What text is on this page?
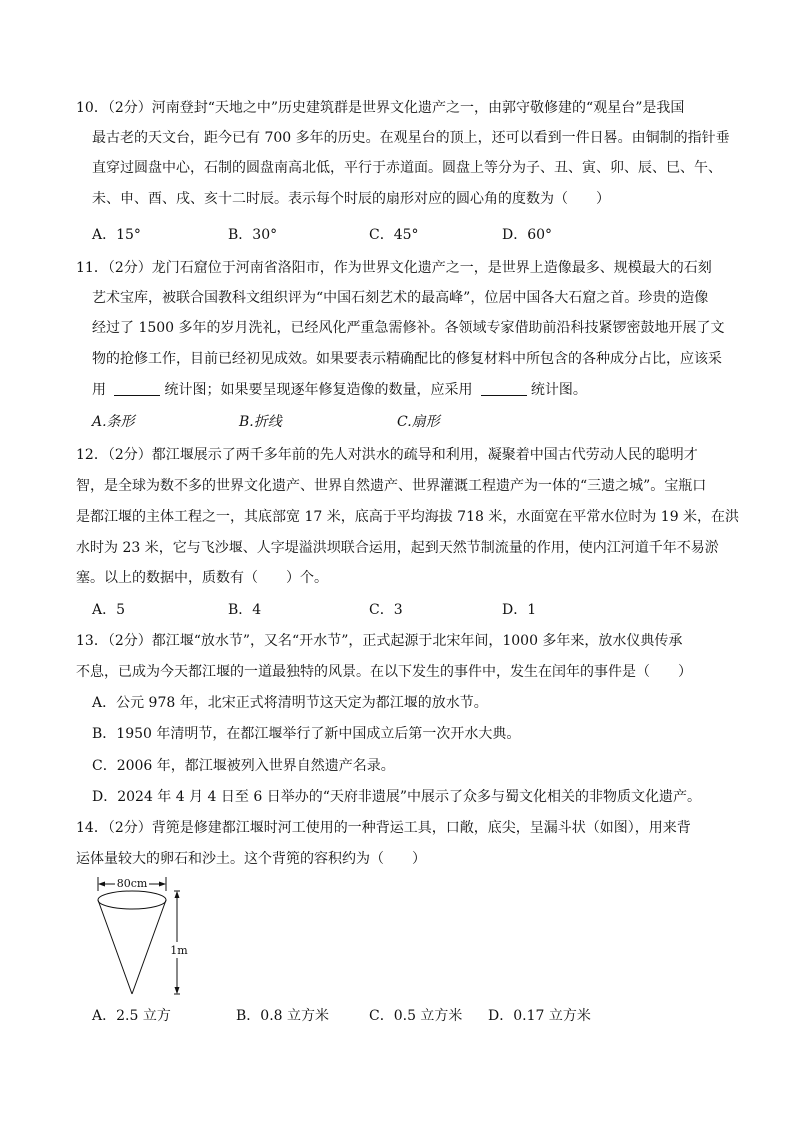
10．（2分）河南登封“天地之中”历史建筑群是世界文化遗产之一，由郭守敬修建的“观星台”是我国
最古老的天文台，距今已有 700 多年的历史。在观星台的顶上，还可以看到一件日晷。由铜制的指针垂
直穿过圆盘中心，石制的圆盘南高北低，平行于赤道面。圆盘上等分为子、丑、寅、卯、辰、巳、午、
未、申、酉、戌、亥十二时辰。表示每个时辰的扇形对应的圆心角的度数为（　　）
A．15°	B．30°	C．45°	D．60°
11．（2分）龙门石窟位于河南省洛阳市，作为世界文化遗产之一，是世界上造像最多、规模最大的石刻
艺术宝库，被联合国教科文组织评为“中国石刻艺术的最高峰”，位居中国各大石窟之首。珍贵的造像
经过了 1500 多年的岁月洗礼，已经风化严重急需修补。各领域专家借助前沿科技紧锣密鼓地开展了文
物的抢修工作，目前已经初见成效。如果要表示精确配比的修复材料中所包含的各种成分占比，应该采
用	统计图；如果要呈现逐年修复造像的数量，应采用	统计图。
A.条形	B.折线	C.扇形
12．（2分）都江堰展示了两千多年前的先人对洪水的疏导和利用，凝聚着中国古代劳动人民的聪明才
智，是全球为数不多的世界文化遗产、世界自然遗产、世界灌溉工程遗产为一体的“三遗之城”。宝瓶口
是都江堰的主体工程之一，其底部宽 17 米，底高于平均海拔 718 米，水面宽在平常水位时为 19 米，在洪
水时为 23 米，它与飞沙堰、人字堤溢洪坝联合运用，起到天然节制流量的作用，使内江河道千年不易淤
塞。以上的数据中，质数有（　　）个。
A．5	B．4	C．3	D．1
13．（2分）都江堰“放水节”，又名“开水节”，正式起源于北宋年间，1000 多年来，放水仪典传承
不息，已成为今天都江堰的一道最独特的风景。在以下发生的事件中，发生在闰年的事件是（　　）
A．公元 978 年，北宋正式将清明节这天定为都江堰的放水节。
B．1950 年清明节，在都江堰举行了新中国成立后第一次开水大典。
C．2006 年，都江堰被列入世界自然遗产名录。
D．2024 年 4 月 4 日至 6 日举办的“天府非遗展”中展示了众多与蜀文化相关的非物质文化遗产。
14．（2分）背篼是修建都江堰时河工使用的一种背运工具，口敞，底尖，呈漏斗状（如图），用来背
运体量较大的卵石和沙土。这个背篼的容积约为（　　）
80cm
1m
A．2.5 立方	B．0.8 立方米	C．0.5 立方米 D．0.17 立方米
